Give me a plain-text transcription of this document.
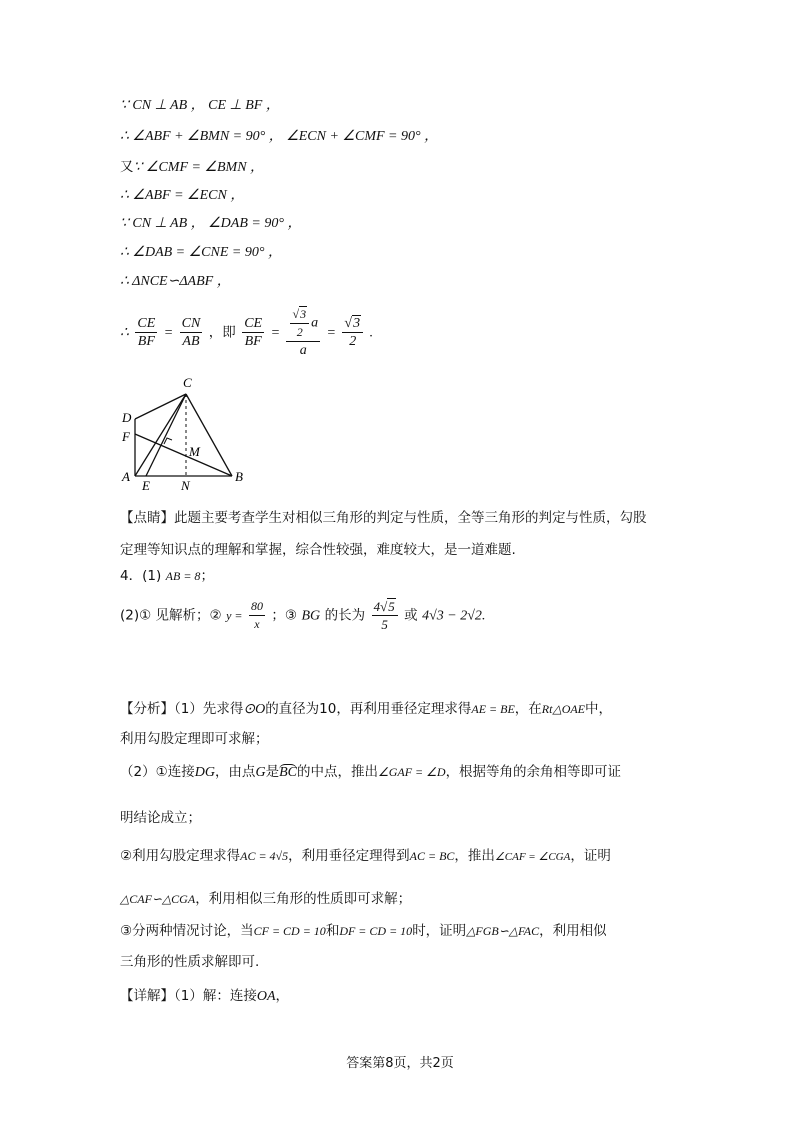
∵ CN ⊥ AB ， CE ⊥ BF ，
∴ ∠ABF + ∠BMN = 90° ， ∠ECN + ∠CMF = 90° ，
又∵ ∠CMF = ∠BMN ，
∴ ∠ABF = ∠ECN ，
∵ CN ⊥ AB ， ∠DAB = 90° ，
∴ ∠DAB = ∠CNE = 90° ，
∴ ΔNCE∽ΔABF ，
∴ $\frac{CE}{BF} = \frac{CN}{AB}$ ，即 $\frac{CE}{BF} = \frac{\frac{√3}{2} a}{a} = \frac{√3}{2}$ .
C
D
F
M
A
E N
B
【点睛】此题主要考查学生对相似三角形的判定与性质，全等三角形的判定与性质，勾股
定理等知识点的理解和掌握，综合性较强，难度较大，是一道难题.
4．(1) AB = 8；
(2)① 见解析；② $y = \frac{80}{x}$ ；③ BG 的长为 $\frac{4√5}{5}$ 或 4√3 − 2√2.
【分析】（1）先求得⊙O的直径为10，再利用垂径定理求得AE = BE，在Rt△OAE中，
利用勾股定理即可求解；
（2）①连接DG，由点G是BC的中点，推出∠GAF = ∠D，根据等角的余角相等即可证
明结论成立；
②利用勾股定理求得AC = 4√5，利用垂径定理得到AC = BC，推出∠CAF = ∠CGA，证明
△CAF∽△CGA，利用相似三角形的性质即可求解；
③分两种情况讨论，当CF = CD = 10和DF = CD = 10时，证明△FGB∽△FAC，利用相似
三角形的性质求解即可.
【详解】（1）解：连接OA，
答案第8页，共2页
